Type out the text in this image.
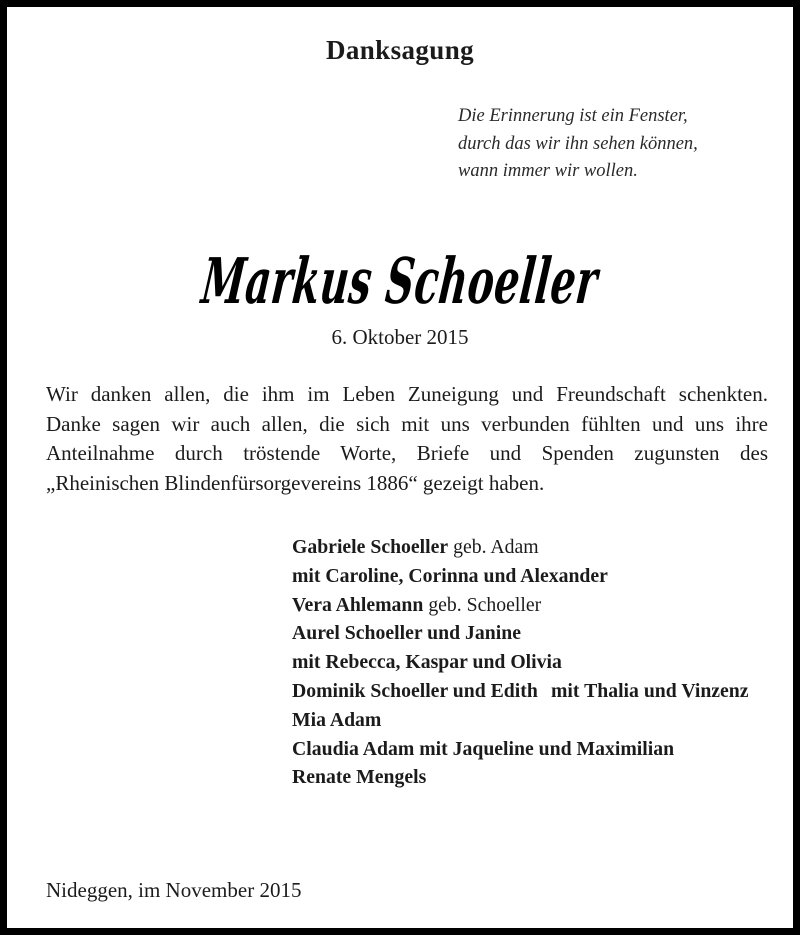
Danksagung
Die Erinnerung ist ein Fenster,
durch das wir ihn sehen können,
wann immer wir wollen.
Markus Schoeller
6. Oktober 2015
Wir danken allen, die ihm im Leben Zuneigung und Freundschaft schenkten.
Danke sagen wir auch allen, die sich mit uns verbunden fühlten und uns ihre
Anteilnahme durch tröstende Worte, Briefe und Spenden zugunsten des
„Rheinischen Blindenfürsorgevereins 1886“ gezeigt haben.
Gabriele Schoeller geb. Adam mit Caroline, Corinna und Alexander Vera Ahlemann geb. Schoeller Aurel Schoeller und Janine mit Rebecca, Kaspar und Olivia Dominik Schoeller und Edith mit Thalia und Vinzenz Mia Adam Claudia Adam mit Jaqueline und Maximilian Renate Mengels
Nideggen, im November 2015
